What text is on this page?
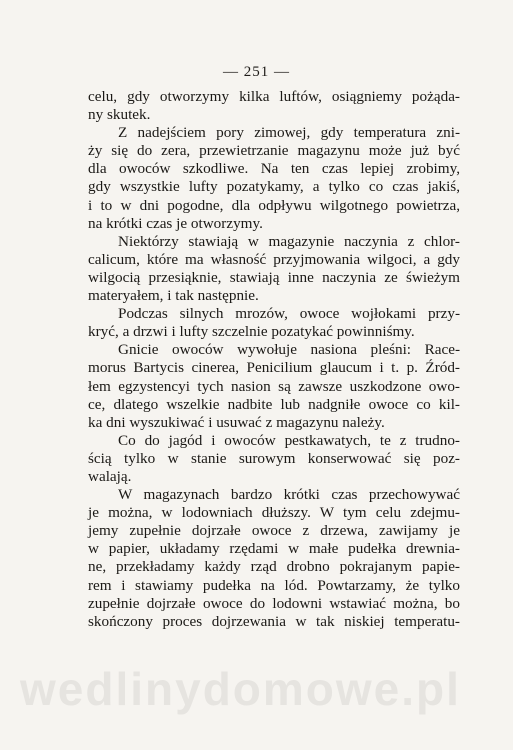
— 251 —
celu, gdy otworzymy kilka luftów, osiągniemy pożąda-
ny skutek.
Z nadejściem pory zimowej, gdy temperatura zni-
ży się do zera, przewietrzanie magazynu może już być
dla owoców szkodliwe. Na ten czas lepiej zrobimy,
gdy wszystkie lufty pozatykamy, a tylko co czas jakiś,
i to w dni pogodne, dla odpływu wilgotnego powietrza,
na krótki czas je otworzymy.
Niektórzy stawiają w magazynie naczynia z chlor-
calicum, które ma własność przyjmowania wilgoci, a gdy
wilgocią przesiąknie, stawiają inne naczynia ze świeżym
materyałem, i tak następnie.
Podczas silnych mrozów, owoce wojłokami przy-
kryć, a drzwi i lufty szczelnie pozatykać powinniśmy.
Gnicie owoców wywołuje nasiona pleśni: Race-
morus Bartycis cinerea, Penicilium glaucum i t. p. Źród-
łem egzystencyi tych nasion są zawsze uszkodzone owo-
ce, dlatego wszelkie nadbite lub nadgniłe owoce co kil-
ka dni wyszukiwać i usuwać z magazynu należy.
Co do jagód i owoców pestkawatych, te z trudno-
ścią tylko w stanie surowym konserwować się poz-
walają.
W magazynach bardzo krótki czas przechowywać
je można, w lodowniach dłuższy. W tym celu zdejmu-
jemy zupełnie dojrzałe owoce z drzewa, zawijamy je
w papier, układamy rzędami w małe pudełka drewnia-
ne, przekładamy każdy rząd drobno pokrajanym papie-
rem i stawiamy pudełka na lód. Powtarzamy, że tylko
zupełnie dojrzałe owoce do lodowni wstawiać można, bo
skończony proces dojrzewania w tak niskiej temperatu-
wedlinydomowe.pl
